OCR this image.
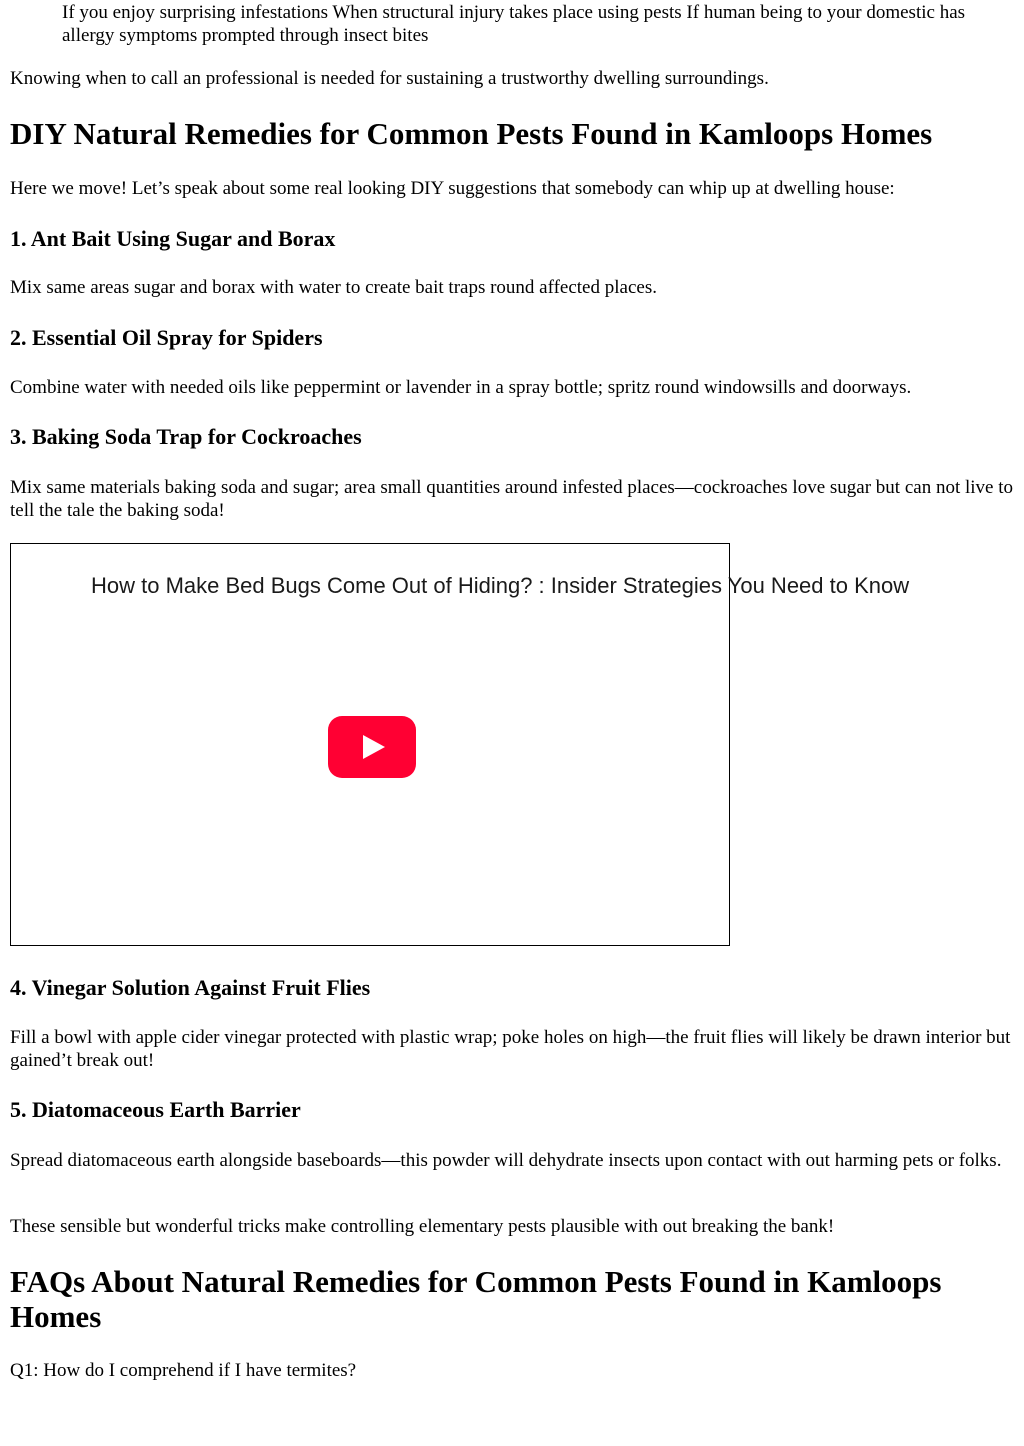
If you enjoy surprising infestations When structural injury takes place using pests If human being to your domestic has allergy symptoms prompted through insect bites

Knowing when to call an professional is needed for sustaining a trustworthy dwelling surroundings.

DIY Natural Remedies for Common Pests Found in Kamloops Homes

Here we move! Let’s speak about some real looking DIY suggestions that somebody can whip up at dwelling house:

1. Ant Bait Using Sugar and Borax

Mix same areas sugar and borax with water to create bait traps round affected places.

2. Essential Oil Spray for Spiders

Combine water with needed oils like peppermint or lavender in a spray bottle; spritz round windowsills and doorways.

3. Baking Soda Trap for Cockroaches

Mix same materials baking soda and sugar; area small quantities around infested places—cockroaches love sugar but can not live to tell the tale the baking soda!

How to Make Bed Bugs Come Out of Hiding? : Insider Strategies You Need to Know
4. Vinegar Solution Against Fruit Flies

Fill a bowl with apple cider vinegar protected with plastic wrap; poke holes on high—the fruit flies will likely be drawn interior but gained’t break out!

5. Diatomaceous Earth Barrier

Spread diatomaceous earth alongside baseboards—this powder will dehydrate insects upon contact with out harming pets or folks.

These sensible but wonderful tricks make controlling elementary pests plausible with out breaking the bank!

FAQs About Natural Remedies for Common Pests Found in Kamloops Homes

Q1: How do I comprehend if I have termites?
